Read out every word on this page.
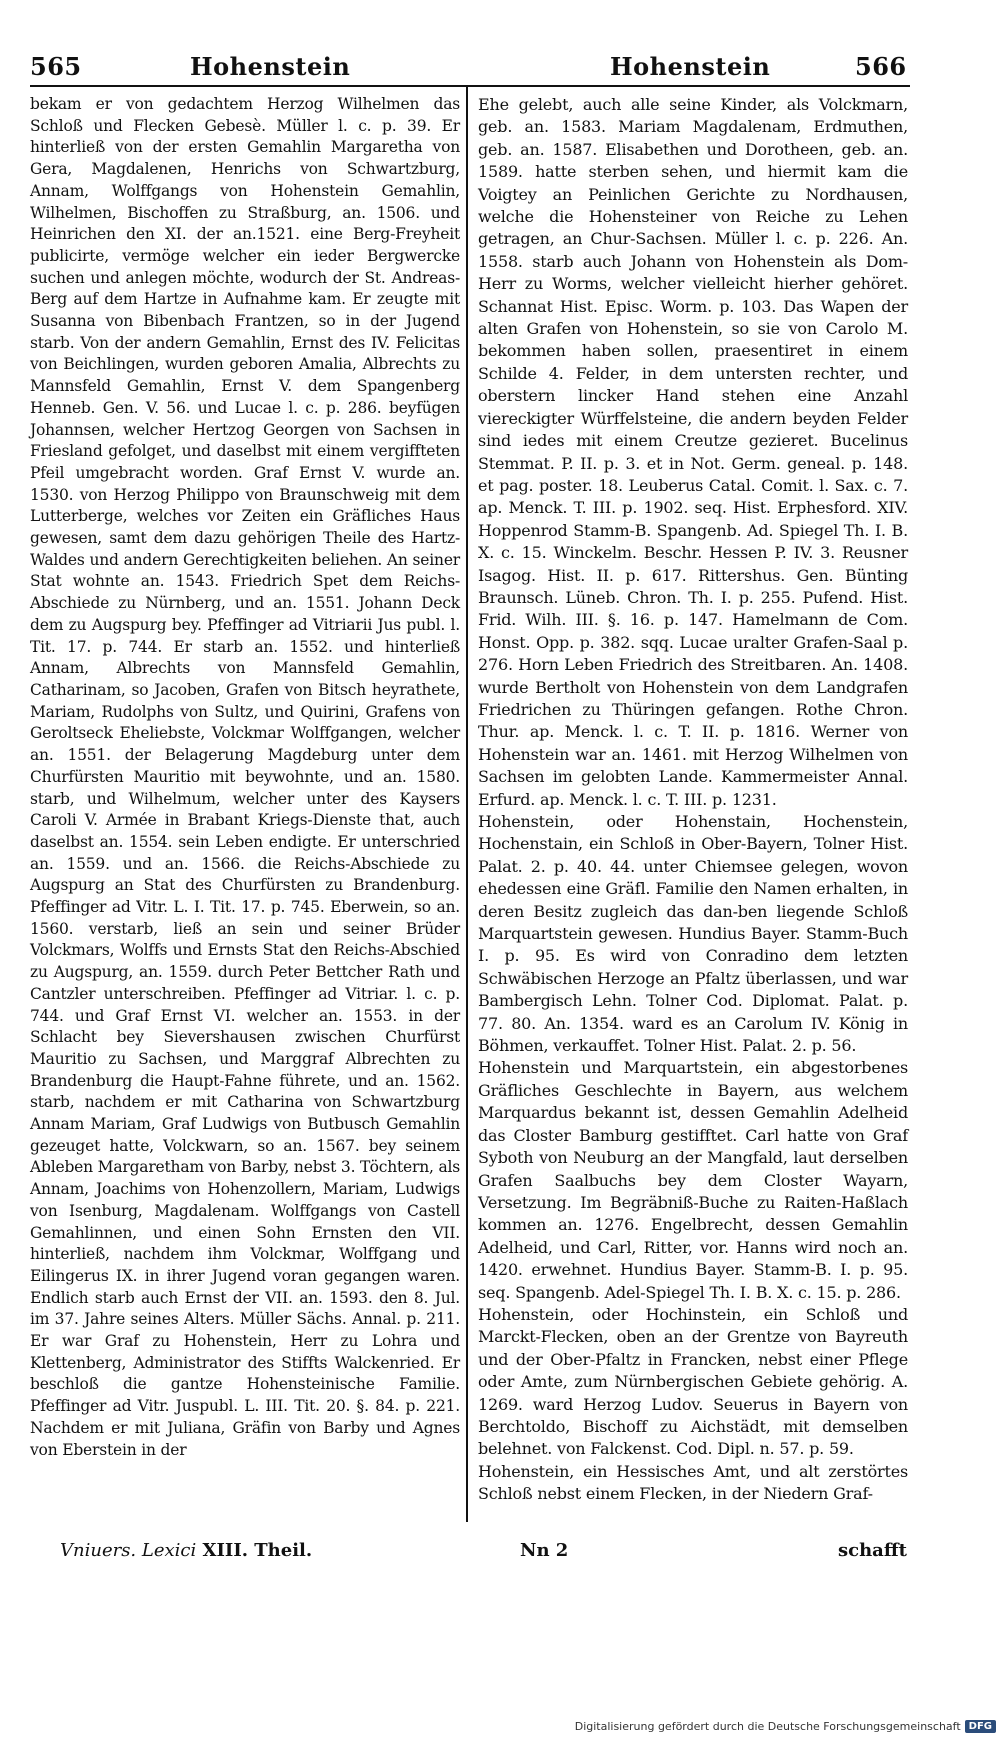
565	Hohenstein	Hohenstein	566

bekam er von gedachtem Herzog Wilhelmen das Schloß und Flecken Gebesè. Müller l. c. p. 39. Er hinterließ von der ersten Gemahlin Margaretha von Gera, Magdalenen, Henrichs von Schwartzburg, Annam, Wolffgangs von Hohenstein Gemahlin, Wilhelmen, Bischoffen zu Straßburg, an. 1506. und Heinrichen den XI. der an.1521. eine Berg-Freyheit publicirte, vermöge welcher ein ieder Bergwercke suchen und anlegen möchte, wodurch der St. Andreas-Berg auf dem Hartze in Aufnahme kam. Er zeugte mit Susanna von Bibenbach Frantzen, so in der Jugend starb. Von der andern Gemahlin, Ernst des IV. Felicitas von Beichlingen, wurden geboren Amalia, Albrechts zu Mannsfeld Gemahlin, Ernst V. dem Spangenberg Henneb. Gen. V. 56. und Lucae l. c. p. 286. beyfügen Johannsen, welcher Hertzog Georgen von Sachsen in Friesland gefolget, und daselbst mit einem vergiffteten Pfeil umgebracht worden. Graf Ernst V. wurde an. 1530. von Herzog Philippo von Braunschweig mit dem Lutterberge, welches vor Zeiten ein Gräfliches Haus gewesen, samt dem dazu gehörigen Theile des Hartz-Waldes und andern Gerechtigkeiten beliehen. An seiner Stat wohnte an. 1543. Friedrich Spet dem Reichs-Abschiede zu Nürnberg, und an. 1551. Johann Deck dem zu Augspurg bey. Pfeffinger ad Vitriarii Jus publ. l. Tit. 17. p. 744. Er starb an. 1552. und hinterließ Annam, Albrechts von Mannsfeld Gemahlin, Catharinam, so Jacoben, Grafen von Bitsch heyrathete, Mariam, Rudolphs von Sultz, und Quirini, Grafens von Geroltseck Eheliebste, Volckmar Wolffgangen, welcher an. 1551. der Belagerung Magdeburg unter dem Churfürsten Mauritio mit beywohnte, und an. 1580. starb, und Wilhelmum, welcher unter des Kaysers Caroli V. Armée in Brabant Kriegs-Dienste that, auch daselbst an. 1554. sein Leben endigte. Er unterschried an. 1559. und an. 1566. die Reichs-Abschiede zu Augspurg an Stat des Churfürsten zu Brandenburg. Pfeffinger ad Vitr. L. I. Tit. 17. p. 745. Eberwein, so an. 1560. verstarb, ließ an sein und seiner Brüder Volckmars, Wolffs und Ernsts Stat den Reichs-Abschied zu Augspurg, an. 1559. durch Peter Bettcher Rath und Cantzler unterschreiben. Pfeffinger ad Vitriar. l. c. p. 744. und Graf Ernst VI. welcher an. 1553. in der Schlacht bey Sievershausen zwischen Churfürst Mauritio zu Sachsen, und Marggraf Albrechten zu Brandenburg die Haupt-Fahne führete, und an. 1562. starb, nachdem er mit Catharina von Schwartzburg Annam Mariam, Graf Ludwigs von Butbusch Gemahlin gezeuget hatte, Volckwarn, so an. 1567. bey seinem Ableben Margaretham von Barby, nebst 3. Töchtern, als Annam, Joachims von Hohenzollern, Mariam, Ludwigs von Isenburg, Magdalenam. Wolffgangs von Castell Gemahlinnen, und einen Sohn Ernsten den VII. hinterließ, nachdem ihm Volckmar, Wolffgang und Eilingerus IX. in ihrer Jugend voran gegangen waren. Endlich starb auch Ernst der VII. an. 1593. den 8. Jul. im 37. Jahre seines Alters. Müller Sächs. Annal. p. 211. Er war Graf zu Hohenstein, Herr zu Lohra und Klettenberg, Administrator des Stiffts Walckenried. Er beschloß die gantze Hohensteinische Familie. Pfeffinger ad Vitr. Juspubl. L. III. Tit. 20. §. 84. p. 221. Nachdem er mit Juliana, Gräfin von Barby und Agnes von Eberstein in der

Ehe gelebt, auch alle seine Kinder, als Volckmarn, geb. an. 1583. Mariam Magdalenam, Erdmuthen, geb. an. 1587. Elisabethen und Dorotheen, geb. an. 1589. hatte sterben sehen, und hiermit kam die Voigtey an Peinlichen Gerichte zu Nordhausen, welche die Hohensteiner von Reiche zu Lehen getragen, an Chur-Sachsen. Müller l. c. p. 226. An. 1558. starb auch Johann von Hohenstein als Dom-Herr zu Worms, welcher vielleicht hierher gehöret. Schannat Hist. Episc. Worm. p. 103. Das Wapen der alten Grafen von Hohenstein, so sie von Carolo M. bekommen haben sollen, praesentiret in einem Schilde 4. Felder, in dem untersten rechter, und oberstern lincker Hand stehen eine Anzahl viereckigter Würffelsteine, die andern beyden Felder sind iedes mit einem Creutze gezieret. Bucelinus Stemmat. P. II. p. 3. et in Not. Germ. geneal. p. 148. et pag. poster. 18. Leuberus Catal. Comit. l. Sax. c. 7. ap. Menck. T. III. p. 1902. seq. Hist. Erphesford. XIV. Hoppenrod Stamm-B. Spangenb. Ad. Spiegel Th. I. B. X. c. 15. Winckelm. Beschr. Hessen P. IV. 3. Reusner Isagog. Hist. II. p. 617. Rittershus. Gen. Bünting Braunsch. Lüneb. Chron. Th. I. p. 255. Pufend. Hist. Frid. Wilh. III. §. 16. p. 147. Hamelmann de Com. Honst. Opp. p. 382. sqq. Lucae uralter Grafen-Saal p. 276. Horn Leben Friedrich des Streitbaren. An. 1408. wurde Bertholt von Hohenstein von dem Landgrafen Friedrichen zu Thüringen gefangen. Rothe Chron. Thur. ap. Menck. l. c. T. II. p. 1816. Werner von Hohenstein war an. 1461. mit Herzog Wilhelmen von Sachsen im gelobten Lande. Kammermeister Annal. Erfurd. ap. Menck. l. c. T. III. p. 1231.

Hohenstein, oder Hohenstain, Hochenstein, Hochenstain, ein Schloß in Ober-Bayern, Tolner Hist. Palat. 2. p. 40. 44. unter Chiemsee gelegen, wovon ehedessen eine Gräfl. Familie den Namen erhalten, in deren Besitz zugleich das dan-ben liegende Schloß Marquartstein gewesen. Hundius Bayer. Stamm-Buch I. p. 95. Es wird von Conradino dem letzten Schwäbischen Herzoge an Pfaltz überlassen, und war Bambergisch Lehn. Tolner Cod. Diplomat. Palat. p. 77. 80. An. 1354. ward es an Carolum IV. König in Böhmen, verkauffet. Tolner Hist. Palat. 2. p. 56.

Hohenstein und Marquartstein, ein abgestorbenes Gräfliches Geschlechte in Bayern, aus welchem Marquardus bekannt ist, dessen Gemahlin Adelheid das Closter Bamburg gestifftet. Carl hatte von Graf Syboth von Neuburg an der Mangfald, laut derselben Grafen Saalbuchs bey dem Closter Wayarn, Versetzung. Im Begräbniß-Buche zu Raiten-Haßlach kommen an. 1276. Engelbrecht, dessen Gemahlin Adelheid, und Carl, Ritter, vor. Hanns wird noch an. 1420. erwehnet. Hundius Bayer. Stamm-B. I. p. 95. seq. Spangenb. Adel-Spiegel Th. I. B. X. c. 15. p. 286.

Hohenstein, oder Hochinstein, ein Schloß und Marckt-Flecken, oben an der Grentze von Bayreuth und der Ober-Pfaltz in Francken, nebst einer Pflege oder Amte, zum Nürnbergischen Gebiete gehörig. A. 1269. ward Herzog Ludov. Seuerus in Bayern von Berchtoldo, Bischoff zu Aichstädt, mit demselben belehnet. von Falckenst. Cod. Dipl. n. 57. p. 59.

Hohenstein, ein Hessisches Amt, und alt zerstörtes Schloß nebst einem Flecken, in der Niedern Graf-

Vniuers. Lexici XIII. Theil.	Nn 2	schafft
Digitalisierung gefördert durch die Deutsche Forschungsgemeinschaft DFG
